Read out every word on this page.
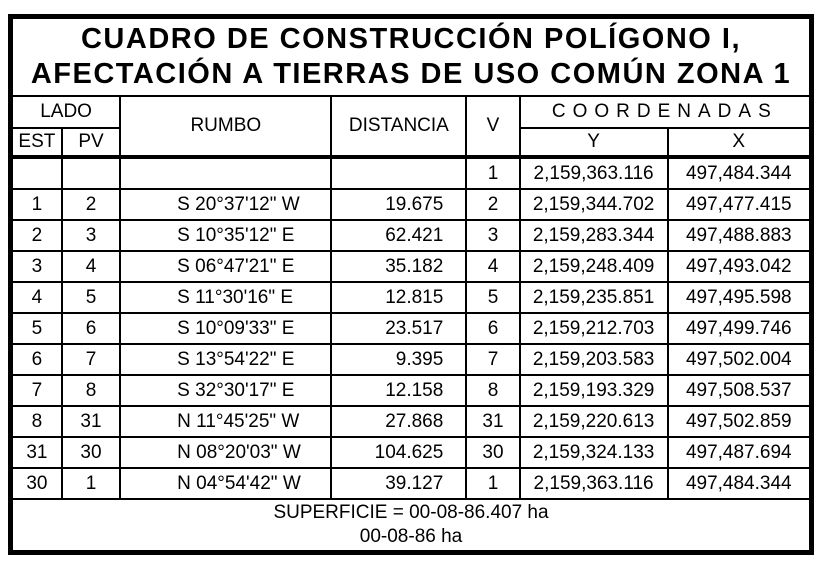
CUADRO DE CONSTRUCCIÓN POLÍGONO I,
AFECTACIÓN A TIERRAS DE USO COMÚN ZONA 1						

LADO		RUMBO	DISTANCIA	V	COORDENADAS	
EST	PV				Y	X
				1	2,159,363.116	497,484.344
1	2	S 20°37'12" W	19.675	2	2,159,344.702	497,477.415
2	3	S 10°35'12" E	62.421	3	2,159,283.344	497,488.883
3	4	S 06°47'21" E	35.182	4	2,159,248.409	497,493.042
4	5	S 11°30'16" E	12.815	5	2,159,235.851	497,495.598
5	6	S 10°09'33" E	23.517	6	2,159,212.703	497,499.746
6	7	S 13°54'22" E	9.395	7	2,159,203.583	497,502.004
7	8	S 32°30'17" E	12.158	8	2,159,193.329	497,508.537
8	31	N 11°45'25" W	27.868	31	2,159,220.613	497,502.859
31	30	N 08°20'03" W	104.625	30	2,159,324.133	497,487.694
30	1	N 04°54'42" W	39.127	1	2,159,363.116	497,484.344

SUPERFICIE = 00-08-86.407 ha
00-08-86 ha						
